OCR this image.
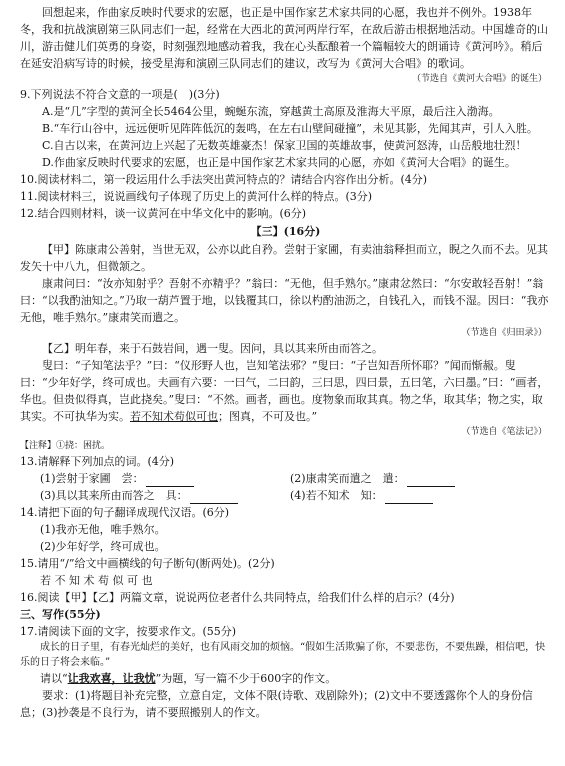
回想起来，作曲家反映时代要求的宏愿，也正是中国作家艺术家共同的心愿，我也并不例外。1938年冬，我和抗战演剧第三队同志们一起，经常在大西北的黄河两岸行军，在敌后游击根据地活动。中国雄奇的山川，游击健儿们英勇的身姿，时刻强烈地感动着我，我在心头酝酿着一个篇幅较大的朗诵诗《黄河吟》。稍后在延安沿病写诗的时候，接受星海和演剧三队同志们的建议，改写为《黄河大合唱》的歌词。

（节选自《黄河大合唱》的诞生）

9.下列说法不符合文意的一项是(　)(3分)

A.是“几”字型的黄河全长5464公里，蜿蜒东流，穿越黄土高原及淮海大平原，最后注入渤海。

B.“车行山谷中，远远便听见阵阵低沉的轰鸣，在左右山壁间碰撞”，未见其影，先闻其声，引人入胜。

C.自古以来，在黄河边上兴起了无数英雄豪杰！保家卫国的英雄故事，使黄河怒涛，山岳般地壮烈！

D.作曲家反映时代要求的宏愿，也正是中国作家艺术家共同的心愿，亦如《黄河大合唱》的诞生。

10.阅读材料二，第一段运用什么手法突出黄河特点的？请结合内容作出分析。(4分)

11.阅读材料三，说说画线句子体现了历史上的黄河什么样的特点。(3分)

12.结合四则材料，谈一议黄河在中华文化中的影响。(6分)

【三】(16分)

【甲】陈康肃公善射，当世无双，公亦以此自矜。尝射于家圃，有卖油翁释担而立，睨之久而不去。见其发矢十中八九，但微颔之。

康肃问曰：“汝亦知射乎？吾射不亦精乎？”翁曰：“无他，但手熟尔。”康肃忿然曰：“尔安敢轻吾射！”翁曰：“以我酌油知之。”乃取一葫芦置于地，以钱覆其口，徐以杓酌油沥之，自钱孔入，而钱不湿。因曰：“我亦无他，唯手熟尔。”康肃笑而遣之。

（节选自《归田录》）

【乙】明年春，来于石鼓岩间，遇一叟。因问，具以其来所由而答之。

叟曰：“子知笔法乎？”曰：“仪形野人也，岂知笔法邪？”叟曰：“子岂知吾所怀耶？”闻而惭赧。叟曰：“少年好学，终可成也。夫画有六要：一曰气，二曰韵，三曰思，四曰景，五曰笔，六曰墨。”曰：“画者，华也。但贵似得真，岂此挠矣。”叟曰：“不然。画者，画也。度物象而取其真。物之华，取其华；物之实，取其实。不可执华为实。若不知术苟似可也；图真，不可及也。”

（节选自《笔法记》）

【注释】①挠：困扰。

13.请解释下列加点的词。(4分)

(1)尝射于家圃　 尝：	(2)康肃笑而遣之　 遣：
(3)具以其来所由而答之　 具：	(4)若不知术　 知：

14.请把下面的句子翻译成现代汉语。(6分)

(1)我亦无他，唯手熟尔。

(2)少年好学，终可成也。

15.请用“/”给文中画横线的句子断句(断两处)。(2分)

若 不 知 术 苟 似 可 也

16.阅读【甲】【乙】两篇文章，说说两位老者什么共同特点，给我们什么样的启示？(4分)

三、写作(55分)

17.请阅读下面的文字，按要求作文。(55分)

成长的日子里，有春光灿烂的美好，也有风雨交加的烦恼。“假如生活欺骗了你，不要悲伤，不要焦躁，相信吧，快乐的日子将会来临。”

请以“让我欢喜，让我忧”为题，写一篇不少于600字的作文。

要求：(1)将题目补充完整，立意自定，文体不限(诗歌、戏剧除外)；(2)文中不要透露你个人的身份信息；(3)抄袭是不良行为，请不要照搬别人的作文。
